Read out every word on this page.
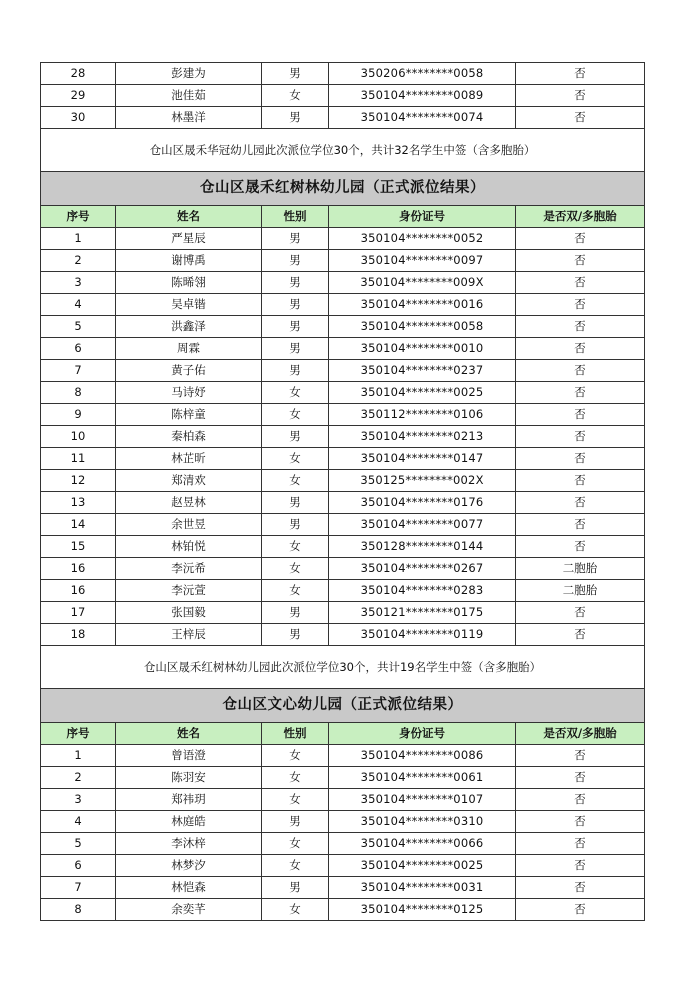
28	彭建为	男	350206********0058	否
29	池佳茹	女	350104********0089	否
30	林墨洋	男	350104********0074	否
仓山区晟禾华冠幼儿园此次派位学位30个，共计32名学生中签（含多胞胎）				
仓山区晟禾红树林幼儿园（正式派位结果）				
序号	姓名	性别	身份证号	是否双/多胞胎
1	严星辰	男	350104********0052	否
2	谢博禹	男	350104********0097	否
3	陈晞翎	男	350104********009X	否
4	吴卓锴	男	350104********0016	否
5	洪鑫泽	男	350104********0058	否
6	周霖	男	350104********0010	否
7	黄子佑	男	350104********0237	否
8	马诗妤	女	350104********0025	否
9	陈梓童	女	350112********0106	否
10	秦柏森	男	350104********0213	否
11	林芷昕	女	350104********0147	否
12	郑清欢	女	350125********002X	否
13	赵昱林	男	350104********0176	否
14	余世昱	男	350104********0077	否
15	林铂悦	女	350128********0144	否
16	李沅希	女	350104********0267	二胞胎
16	李沅萱	女	350104********0283	二胞胎
17	张国毅	男	350121********0175	否
18	王梓辰	男	350104********0119	否
仓山区晟禾红树林幼儿园此次派位学位30个，共计19名学生中签（含多胞胎）				
仓山区文心幼儿园（正式派位结果）				
序号	姓名	性别	身份证号	是否双/多胞胎
1	曾语澄	女	350104********0086	否
2	陈羽安	女	350104********0061	否
3	郑祎玥	女	350104********0107	否
4	林庭皓	男	350104********0310	否
5	李沐梓	女	350104********0066	否
6	林梦汐	女	350104********0025	否
7	林恺森	男	350104********0031	否
8	余奕芊	女	350104********0125	否
